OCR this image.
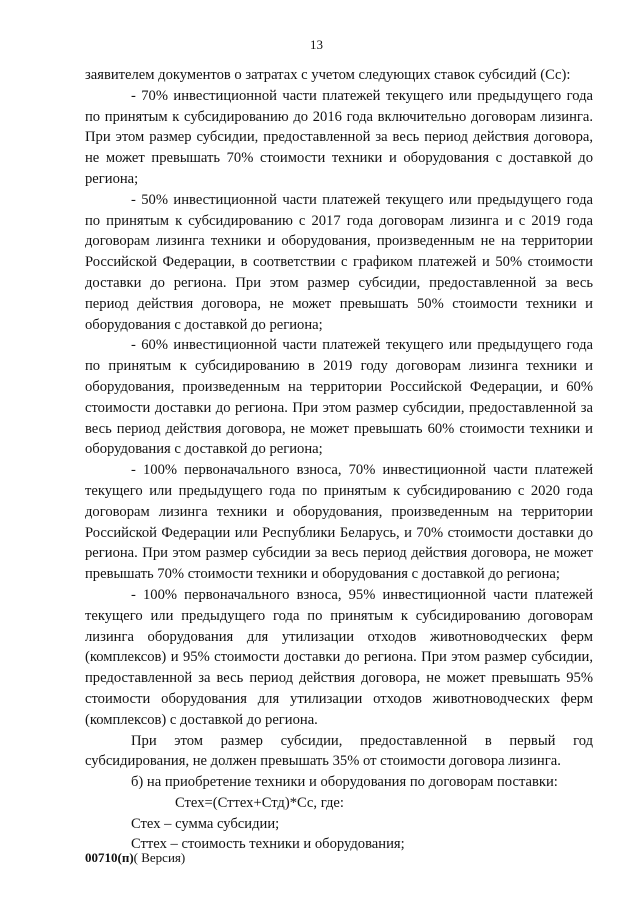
13

заявителем документов о затратах с учетом следующих ставок субсидий (Сс):

- 70% инвестиционной части платежей текущего или предыдущего года по принятым к субсидированию до 2016 года включительно договорам лизинга. При этом размер субсидии, предоставленной за весь период действия договора, не может превышать 70% стоимости техники и оборудования с доставкой до региона;

- 50% инвестиционной части платежей текущего или предыдущего года по принятым к субсидированию с 2017 года договорам лизинга и с 2019 года договорам лизинга техники и оборудования, произведенным не на территории Российской Федерации, в соответствии с графиком платежей и 50% стоимости доставки до региона. При этом размер субсидии, предоставленной за весь период действия договора, не может превышать 50% стоимости техники и оборудования с доставкой до региона;

- 60% инвестиционной части платежей текущего или предыдущего года по принятым к субсидированию в 2019 году договорам лизинга техники и оборудования, произведенным на территории Российской Федерации, и 60% стоимости доставки до региона. При этом размер субсидии, предоставленной за весь период действия договора, не может превышать 60% стоимости техники и оборудования с доставкой до региона;

- 100% первоначального взноса, 70% инвестиционной части платежей текущего или предыдущего года по принятым к субсидированию с 2020 года договорам лизинга техники и оборудования, произведенным на территории Российской Федерации или Республики Беларусь, и 70% стоимости доставки до региона. При этом размер субсидии за весь период действия договора, не может превышать 70% стоимости техники и оборудования с доставкой до региона;

- 100% первоначального взноса, 95% инвестиционной части платежей текущего или предыдущего года по принятым к субсидированию договорам лизинга оборудования для утилизации отходов животноводческих ферм (комплексов) и 95% стоимости доставки до региона. При этом размер субсидии, предоставленной за весь период действия договора, не может превышать 95% стоимости оборудования для утилизации отходов животноводческих ферм (комплексов) с доставкой до региона.

При этом размер субсидии, предоставленной в первый год субсидирования, не должен превышать 35% от стоимости договора лизинга.

б) на приобретение техники и оборудования по договорам поставки:

Стех=(Сттех+Стд)*Сс, где:

Стех – сумма субсидии;

Сттех – стоимость техники и оборудования;

00710(п)( Версия)
